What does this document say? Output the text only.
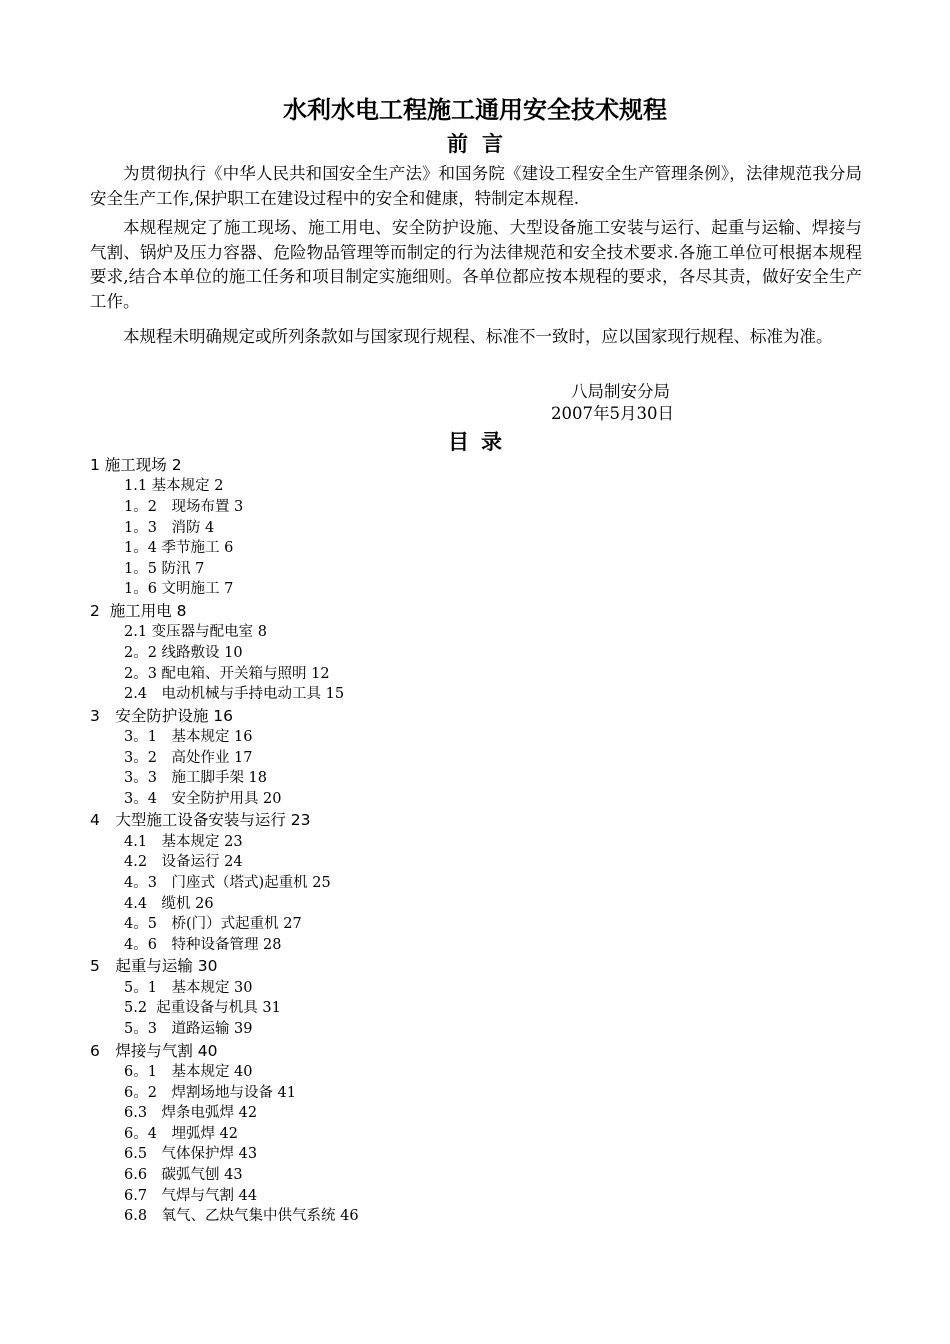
水利水电工程施工通用安全技术规程
前言

为贯彻执行《中华人民共和国安全生产法》和国务院《建设工程安全生产管理条例》，法律规范我分局安全生产工作,保护职工在建设过程中的安全和健康，特制定本规程.

本规程规定了施工现场、施工用电、安全防护设施、大型设备施工安装与运行、起重与运输、焊接与气割、锅炉及压力容器、危险物品管理等而制定的行为法律规范和安全技术要求.各施工单位可根据本规程要求,结合本单位的施工任务和项目制定实施细则。各单位都应按本规程的要求，各尽其责，做好安全生产工作。

本规程未明确规定或所列条款如与国家现行规程、标准不一致时，应以国家现行规程、标准为准。

八局制安分局
2007年5月30日
目录
1 施工现场 2
1.1 基本规定 2
1。2　现场布置 3
1。3　消防 4
1。4 季节施工 6
1。5 防汛 7
1。6 文明施工 7
2  施工用电 8
2.1 变压器与配电室 8
2。2 线路敷设 10
2。3 配电箱、开关箱与照明 12
2.4　电动机械与手持电动工具 15
3　安全防护设施 16
3。1　基本规定 16
3。2　高处作业 17
3。3　施工脚手架 18
3。4　安全防护用具 20
4　大型施工设备安装与运行 23
4.1　基本规定 23
4.2　设备运行 24
4。3　门座式（塔式)起重机 25
4.4　缆机 26
4。5　桥(门）式起重机 27
4。6　特种设备管理 28
5　起重与运输 30
5。1　基本规定 30
5.2  起重设备与机具 31
5。3　道路运输 39
6　焊接与气割 40
6。1　基本规定 40
6。2　焊割场地与设备 41
6.3　焊条电弧焊 42
6。4　埋弧焊 42
6.5　气体保护焊 43
6.6　碳弧气刨 43
6.7　气焊与气割 44
6.8　氧气、乙炔气集中供气系统 46
